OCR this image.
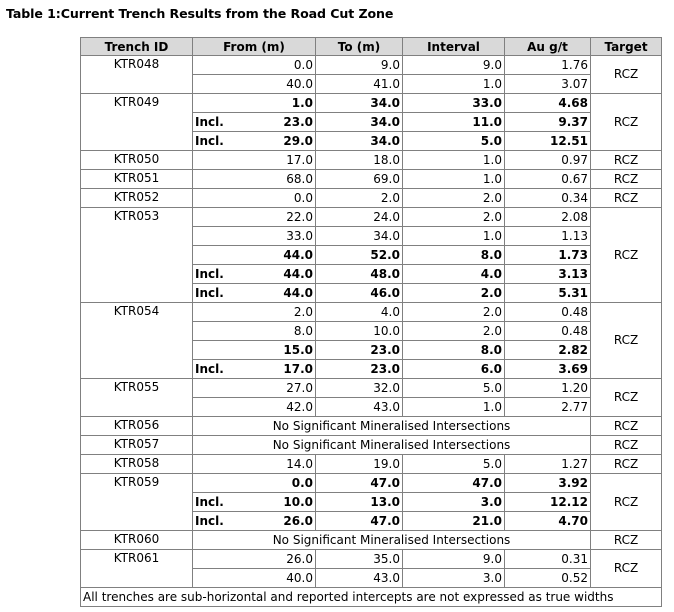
Table 1:Current Trench Results from the Road Cut Zone
Trench ID	From (m)	To (m)	Interval	Au g/t	Target
KTR048	0.0	9.0	9.0	1.76	RCZ
	40.0	41.0	1.0	3.07	
KTR049	1.0	34.0	33.0	4.68	RCZ

	Incl. 23.0	34.0	11.0	9.37	

	Incl. 29.0	34.0	5.0	12.51	
KTR050	17.0	18.0	1.0	0.97	RCZ
KTR051	68.0	69.0	1.0	0.67	RCZ
KTR052	0.0	2.0	2.0	0.34	RCZ
KTR053	22.0	24.0	2.0	2.08	RCZ
	33.0	34.0	1.0	1.13	
	44.0	52.0	8.0	1.73	

	Incl. 44.0	48.0	4.0	3.13	

	Incl. 44.0	46.0	2.0	5.31	
KTR054	2.0	4.0	2.0	0.48	RCZ
	8.0	10.0	2.0	0.48	
	15.0	23.0	8.0	2.82	

	Incl. 17.0	23.0	6.0	3.69	
KTR055	27.0	32.0	5.0	1.20	RCZ
	42.0	43.0	1.0	2.77	
KTR056	No Significant Mineralised Intersections				RCZ
KTR057	No Significant Mineralised Intersections				RCZ
KTR058	14.0	19.0	5.0	1.27	RCZ
KTR059	0.0	47.0	47.0	3.92	RCZ

	Incl. 10.0	13.0	3.0	12.12	

	Incl. 26.0	47.0	21.0	4.70	
KTR060	No Significant Mineralised Intersections				RCZ
KTR061	26.0	35.0	9.0	0.31	RCZ
	40.0	43.0	3.0	0.52	
All trenches are sub-horizontal and reported intercepts are not expressed as true widths					
